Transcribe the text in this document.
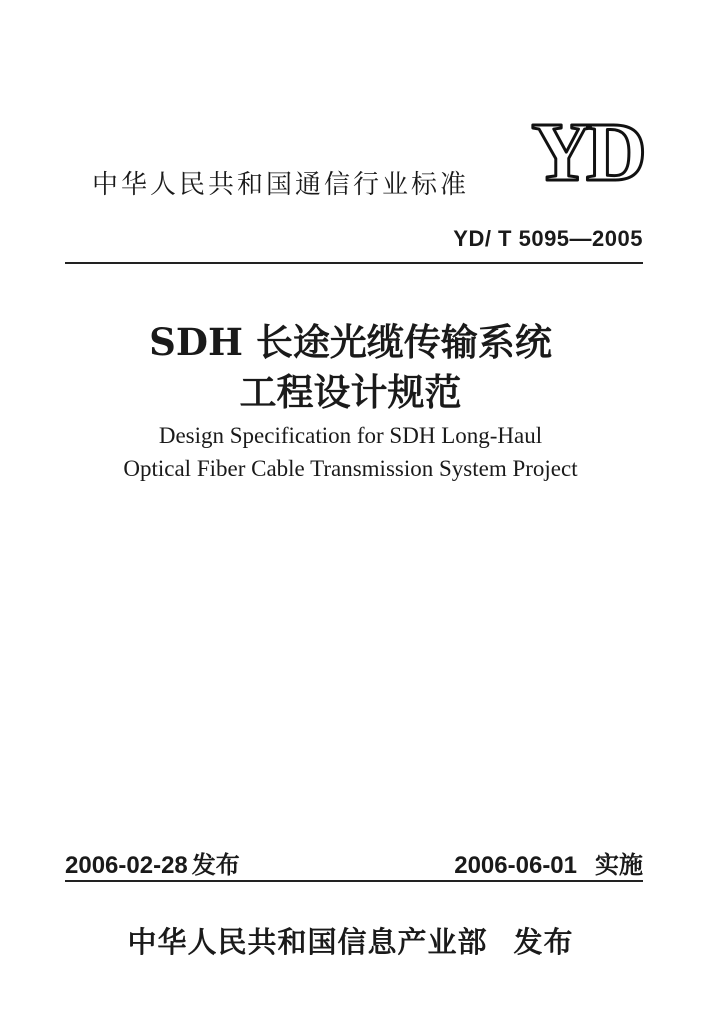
中华人民共和国通信行业标准 YD
YD/ T 5095—2005
SDH 长途光缆传输系统
工程设计规范
Design Specification for SDH Long-Haul
Optical Fiber Cable Transmission System Project
2006-02-28 发布	2006-06-01 实施
中华人民共和国信息产业部 发布
